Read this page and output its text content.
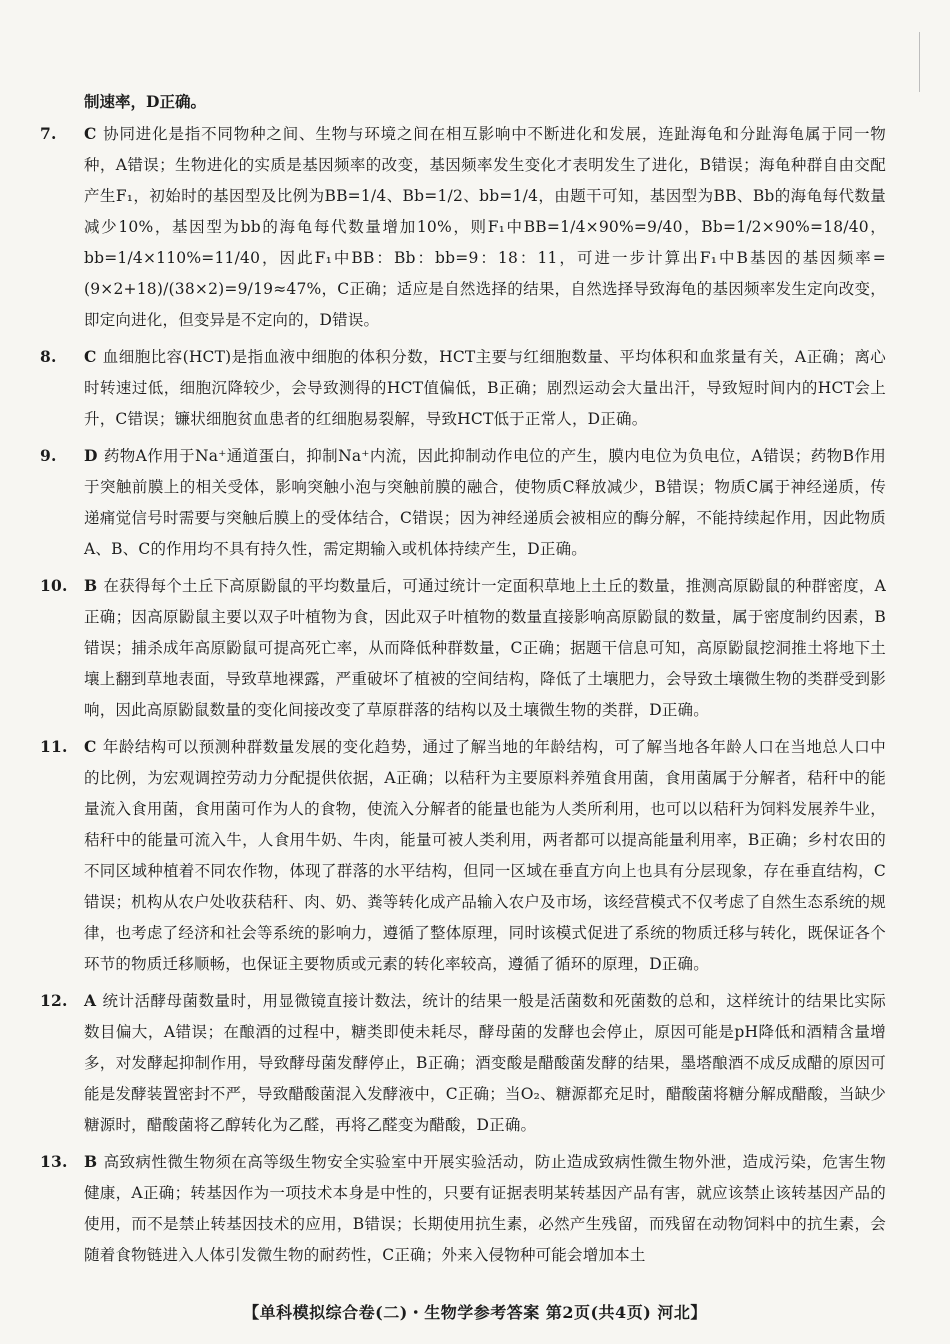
制速率，D正确。
7. C 协同进化是指不同物种之间、生物与环境之间在相互影响中不断进化和发展，连趾海龟和分趾海龟属于同一物种，A错误；生物进化的实质是基因频率的改变，基因频率发生变化才表明发生了进化，B错误；海龟种群自由交配产生F₁，初始时的基因型及比例为BB=1/4、Bb=1/2、bb=1/4，由题干可知，基因型为BB、Bb的海龟每代数量减少10%，基因型为bb的海龟每代数量增加10%，则F₁中BB=1/4×90%=9/40，Bb=1/2×90%=18/40，bb=1/4×110%=11/40，因此F₁中BB：Bb：bb=9：18：11，可进一步计算出F₁中B基因的基因频率=(9×2+18)/(38×2)=9/19≈47%，C正确；适应是自然选择的结果，自然选择导致海龟的基因频率发生定向改变，即定向进化，但变异是不定向的，D错误。
8. C 血细胞比容(HCT)是指血液中细胞的体积分数，HCT主要与红细胞数量、平均体积和血浆量有关，A正确；离心时转速过低，细胞沉降较少，会导致测得的HCT值偏低，B正确；剧烈运动会大量出汗，导致短时间内的HCT会上升，C错误；镰状细胞贫血患者的红细胞易裂解，导致HCT低于正常人，D正确。
9. D 药物A作用于Na⁺通道蛋白，抑制Na⁺内流，因此抑制动作电位的产生，膜内电位为负电位，A错误；药物B作用于突触前膜上的相关受体，影响突触小泡与突触前膜的融合，使物质C释放减少，B错误；物质C属于神经递质，传递痛觉信号时需要与突触后膜上的受体结合，C错误；因为神经递质会被相应的酶分解，不能持续起作用，因此物质A、B、C的作用均不具有持久性，需定期输入或机体持续产生，D正确。
10. B 在获得每个土丘下高原鼢鼠的平均数量后，可通过统计一定面积草地上土丘的数量，推测高原鼢鼠的种群密度，A正确；因高原鼢鼠主要以双子叶植物为食，因此双子叶植物的数量直接影响高原鼢鼠的数量，属于密度制约因素，B错误；捕杀成年高原鼢鼠可提高死亡率，从而降低种群数量，C正确；据题干信息可知，高原鼢鼠挖洞推土将地下土壤上翻到草地表面，导致草地裸露，严重破坏了植被的空间结构，降低了土壤肥力，会导致土壤微生物的类群受到影响，因此高原鼢鼠数量的变化间接改变了草原群落的结构以及土壤微生物的类群，D正确。
11. C 年龄结构可以预测种群数量发展的变化趋势，通过了解当地的年龄结构，可了解当地各年龄人口在当地总人口中的比例，为宏观调控劳动力分配提供依据，A正确；以秸秆为主要原料养殖食用菌，食用菌属于分解者，秸秆中的能量流入食用菌，食用菌可作为人的食物，使流入分解者的能量也能为人类所利用，也可以以秸秆为饲料发展养牛业，秸秆中的能量可流入牛，人食用牛奶、牛肉，能量可被人类利用，两者都可以提高能量利用率，B正确；乡村农田的不同区域种植着不同农作物，体现了群落的水平结构，但同一区域在垂直方向上也具有分层现象，存在垂直结构，C错误；机构从农户处收获秸秆、肉、奶、粪等转化成产品输入农户及市场，该经营模式不仅考虑了自然生态系统的规律，也考虑了经济和社会等系统的影响力，遵循了整体原理，同时该模式促进了系统的物质迁移与转化，既保证各个环节的物质迁移顺畅，也保证主要物质或元素的转化率较高，遵循了循环的原理，D正确。
12. A 统计活酵母菌数量时，用显微镜直接计数法，统计的结果一般是活菌数和死菌数的总和，这样统计的结果比实际数目偏大，A错误；在酿酒的过程中，糖类即使未耗尽，酵母菌的发酵也会停止，原因可能是pH降低和酒精含量增多，对发酵起抑制作用，导致酵母菌发酵停止，B正确；酒变酸是醋酸菌发酵的结果，墨塔酿酒不成反成醋的原因可能是发酵装置密封不严，导致醋酸菌混入发酵液中，C正确；当O₂、糖源都充足时，醋酸菌将糖分解成醋酸，当缺少糖源时，醋酸菌将乙醇转化为乙醛，再将乙醛变为醋酸，D正确。
13. B 高致病性微生物须在高等级生物安全实验室中开展实验活动，防止造成致病性微生物外泄，造成污染，危害生物健康，A正确；转基因作为一项技术本身是中性的，只要有证据表明某转基因产品有害，就应该禁止该转基因产品的使用，而不是禁止转基因技术的应用，B错误；长期使用抗生素，必然产生残留，而残留在动物饲料中的抗生素，会随着食物链进入人体引发微生物的耐药性，C正确；外来入侵物种可能会增加本土
【单科模拟综合卷(二)・生物学参考答案 第2页(共4页) 河北】
